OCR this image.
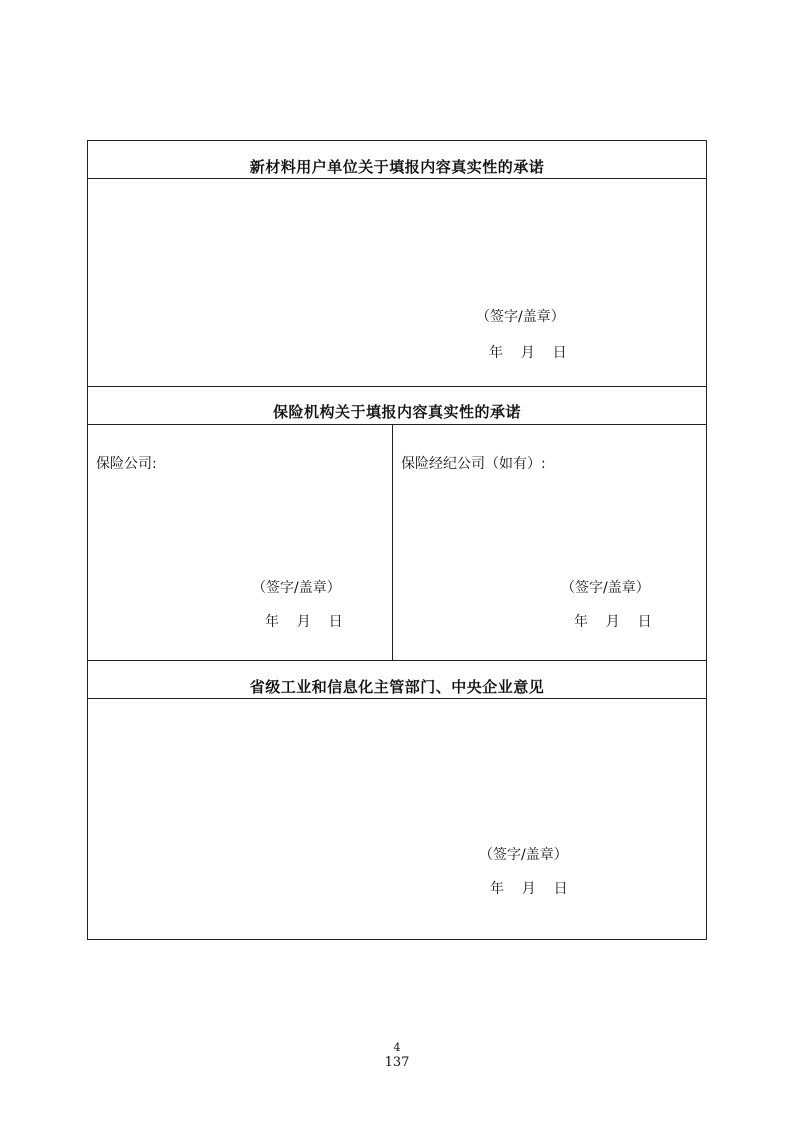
新材料用户单位关于填报内容真实性的承诺
（签字/盖章）
年    月    日
保险机构关于填报内容真实性的承诺
保险公司:
（签字/盖章）
年    月    日
保险经纪公司（如有）:
（签字/盖章）
年    月    日
省级工业和信息化主管部门、中央企业意见
（签字/盖章）
年    月    日
4
137
